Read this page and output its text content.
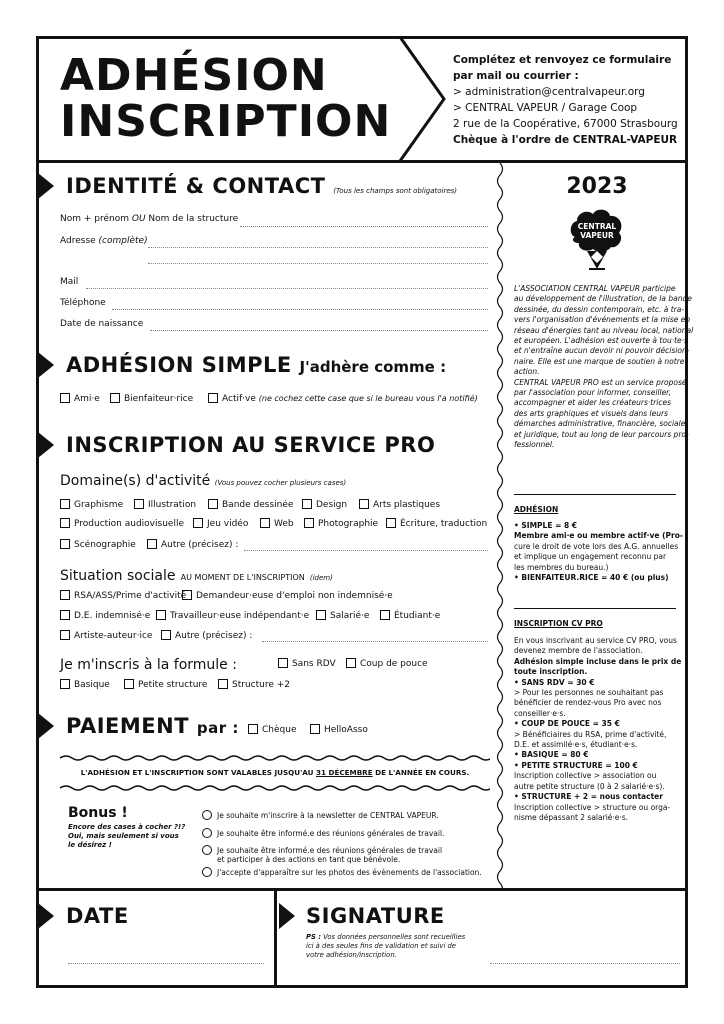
ADHÉSION
INSCRIPTION
Complétez et renvoyez ce formulaire
par mail ou courrier :
> administration@centralvapeur.org
> CENTRAL VAPEUR / Garage Coop
2 rue de la Coopérative, 67000 Strasbourg
Chèque à l'ordre de CENTRAL-VAPEUR
IDENTITÉ & CONTACT (Tous les champs sont obligatoires)
Nom + prénom OU Nom de la structure
Adresse (complète)
Mail
Téléphone
Date de naissance
ADHÉSION SIMPLE J'adhère comme :
Ami·e	Bienfaiteur·rice	Actif·ve (ne cochez cette case que si le bureau vous l'a notifié)
INSCRIPTION AU SERVICE PRO
Domaine(s) d'activité (Vous pouvez cocher plusieurs cases)
Graphisme	Illustration	Bande dessinée	Design	Arts plastiques
Production audiovisuelle	Jeu vidéo	Web	Photographie	Écriture, traduction
Scénographie	Autre (précisez) :
Situation sociale AU MOMENT DE L'INSCRIPTION (idem)
RSA/ASS/Prime d'activité	Demandeur·euse d'emploi non indemnisé·e
D.E. indemnisé·e	Travailleur·euse indépendant·e	Salarié·e	Étudiant·e
Artiste-auteur·ice	Autre (précisez) :
Je m'inscris à la formule :	Sans RDV	Coup de pouce
Basique	Petite structure	Structure +2
PAIEMENT par :	Chèque	HelloAsso
L'ADHÉSION ET L'INSCRIPTION SONT VALABLES JUSQU'AU 31 DÉCEMBRE DE L'ANNÉE EN COURS.
Bonus !
Encore des cases à cocher ?!?
Oui, mais seulement si vous
le désirez !
Je souhaite m'inscrire à la newsletter de CENTRAL VAPEUR.
Je souhaite être informé.e des réunions générales de travail.
Je souhaite être informé.e des réunions générales de travail
et participer à des actions en tant que bénévole.
J'accepte d'apparaître sur les photos des évènements de l'association.
DATE	SIGNATURE
PS : Vos données personnelles sont recueillies
ici à des seules fins de validation et suivi de
votre adhésion/inscription.
2023
CENTRAL
VAPEUR
L'ASSOCIATION CENTRAL VAPEUR participe
au développement de l'illustration, de la bande
dessinée, du dessin contemporain, etc. à tra-
vers l'organisation d'événements et la mise en
réseau d'énergies tant au niveau local, national
et européen. L'adhésion est ouverte à tou·te·s
et n'entraîne aucun devoir ni pouvoir décision-
naire. Elle est une marque de soutien à notre
action.
CENTRAL VAPEUR PRO est un service proposé
par l'association pour informer, conseiller,
accompagner et aider les créateurs·trices
des arts graphiques et visuels dans leurs
démarches administrative, financière, sociale
et juridique, tout au long de leur parcours pro-
fessionnel.
ADHÉSION
• SIMPLE = 8 €
Membre ami·e ou membre actif·ve (Pro-
cure le droit de vote lors des A.G. annuelles
et implique un engagement reconnu par
les membres du bureau.)
• BIENFAITEUR.RICE = 40 € (ou plus)
INSCRIPTION CV PRO
En vous inscrivant au service CV PRO, vous
devenez membre de l'association.
Adhésion simple incluse dans le prix de
toute inscription.
• SANS RDV = 30 €
> Pour les personnes ne souhaitant pas
bénéficier de rendez-vous Pro avec nos
conseiller·e·s.
• COUP DE POUCE = 35 €
> Bénéficiaires du RSA, prime d'activité,
D.E. et assimilé·e·s, étudiant·e·s.
• BASIQUE = 80 €
• PETITE STRUCTURE = 100 €
Inscription collective > association ou
autre petite structure (0 à 2 salarié·e·s).
• STRUCTURE + 2 = nous contacter
Inscription collective > structure ou orga-
nisme dépassant 2 salarié·e·s.
